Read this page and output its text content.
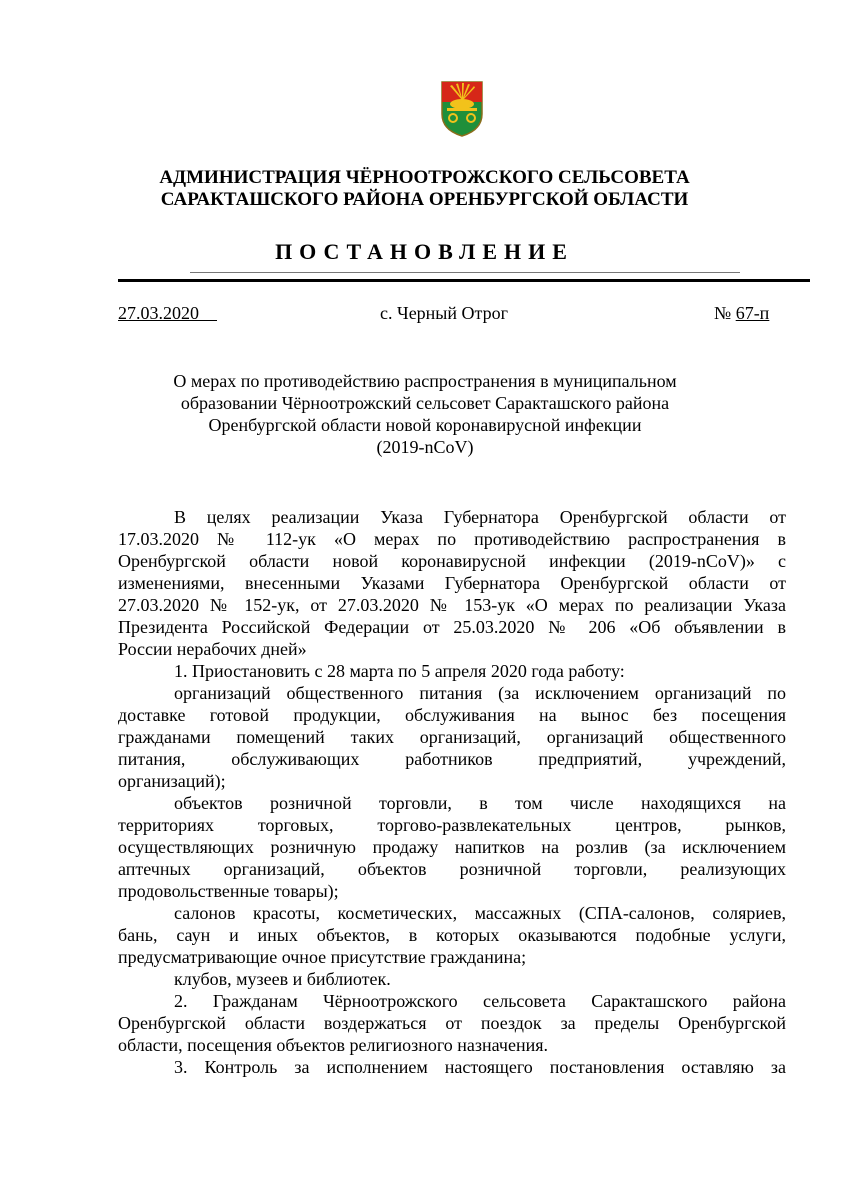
АДМИНИСТРАЦИЯ ЧЁРНООТРОЖСКОГО СЕЛЬСОВЕТА
САРАКТАШСКОГО РАЙОНА ОРЕНБУРГСКОЙ ОБЛАСТИ
ПОСТАНОВЛЕНИЕ
27.03.2020	с. Черный Отрог	№ 67-п
О мерах по противодействию распространения в муниципальном
образовании Чёрноотрожский сельсовет Саракташского района
Оренбургской области новой коронавирусной инфекции
(2019-nCoV)
В целях реализации Указа Губернатора Оренбургской области от
17.03.2020 № 112-ук «О мерах по противодействию распространения в
Оренбургской области новой коронавирусной инфекции (2019-nCoV)» с
изменениями, внесенными Указами Губернатора Оренбургской области от
27.03.2020 № 152-ук, от 27.03.2020 № 153-ук «О мерах по реализации Указа
Президента Российской Федерации от 25.03.2020 № 206 «Об объявлении в
России нерабочих дней»
1. Приостановить с 28 марта по 5 апреля 2020 года работу:
организаций общественного питания (за исключением организаций по
доставке готовой продукции, обслуживания на вынос без посещения
гражданами помещений таких организаций, организаций общественного
питания, обслуживающих работников предприятий, учреждений,
организаций);
объектов розничной торговли, в том числе находящихся на
территориях торговых, торгово-развлекательных центров, рынков,
осуществляющих розничную продажу напитков на розлив (за исключением
аптечных организаций, объектов розничной торговли, реализующих
продовольственные товары);
салонов красоты, косметических, массажных (СПА-салонов, соляриев,
бань, саун и иных объектов, в которых оказываются подобные услуги,
предусматривающие очное присутствие гражданина;
клубов, музеев и библиотек.
2. Гражданам Чёрноотрожского сельсовета Саракташского района
Оренбургской области воздержаться от поездок за пределы Оренбургской
области, посещения объектов религиозного назначения.
3. Контроль за исполнением настоящего постановления оставляю за
